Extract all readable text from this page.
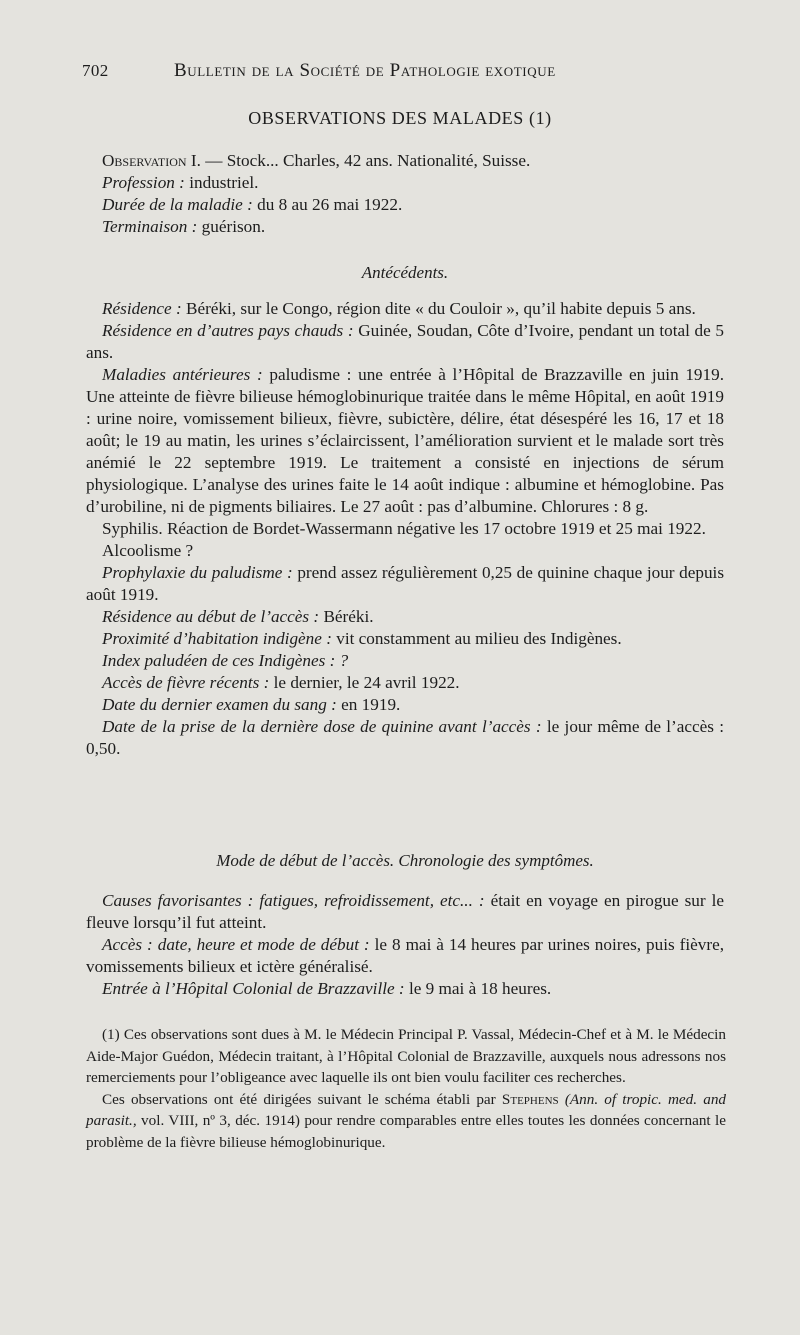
702	Bulletin de la Société de Pathologie exotique
OBSERVATIONS DES MALADES (1)
Observation I. — Stock... Charles, 42 ans. Nationalité, Suisse.
Profession : industriel.
Durée de la maladie : du 8 au 26 mai 1922.
Terminaison : guérison.
Antécédents.
Résidence : Béréki, sur le Congo, région dite « du Couloir », qu’il habite depuis 5 ans.
Résidence en d’autres pays chauds : Guinée, Soudan, Côte d’Ivoire, pendant un total de 5 ans.
Maladies antérieures : paludisme : une entrée à l’Hôpital de Brazzaville en juin 1919. Une atteinte de fièvre bilieuse hémoglobinurique traitée dans le même Hôpital, en août 1919 : urine noire, vomissement bilieux, fièvre, subictère, délire, état désespéré les 16, 17 et 18 août; le 19 au matin, les urines s’éclaircissent, l’amélioration survient et le malade sort très anémié le 22 septembre 1919. Le traitement a consisté en injections de sérum physiologique. L’analyse des urines faite le 14 août indique : albumine et hémoglobine. Pas d’urobiline, ni de pigments biliaires. Le 27 août : pas d’albumine. Chlorures : 8 g.
Syphilis. Réaction de Bordet-Wassermann négative les 17 octobre 1919 et 25 mai 1922.
Alcoolisme ?
Prophylaxie du paludisme : prend assez régulièrement 0,25 de quinine chaque jour depuis août 1919.
Résidence au début de l’accès : Béréki.
Proximité d’habitation indigène : vit constamment au milieu des Indigènes.
Index paludéen de ces Indigènes : ?
Accès de fièvre récents : le dernier, le 24 avril 1922.
Date du dernier examen du sang : en 1919.
Date de la prise de la dernière dose de quinine avant l’accès : le jour même de l’accès : 0,50.
Mode de début de l’accès. Chronologie des symptômes.
Causes favorisantes : fatigues, refroidissement, etc... : était en voyage en pirogue sur le fleuve lorsqu’il fut atteint.
Accès : date, heure et mode de début : le 8 mai à 14 heures par urines noires, puis fièvre, vomissements bilieux et ictère généralisé.
Entrée à l’Hôpital Colonial de Brazzaville : le 9 mai à 18 heures.
(1) Ces observations sont dues à M. le Médecin Principal P. Vassal, Médecin-Chef et à M. le Médecin Aide-Major Guédon, Médecin traitant, à l’Hôpital Colonial de Brazzaville, auxquels nous adressons nos remerciements pour l’obligeance avec laquelle ils ont bien voulu faciliter ces recherches.
Ces observations ont été dirigées suivant le schéma établi par Stephens (Ann. of tropic. med. and parasit., vol. VIII, nº 3, déc. 1914) pour rendre comparables entre elles toutes les données concernant le problème de la fièvre bilieuse hémoglobinurique.
